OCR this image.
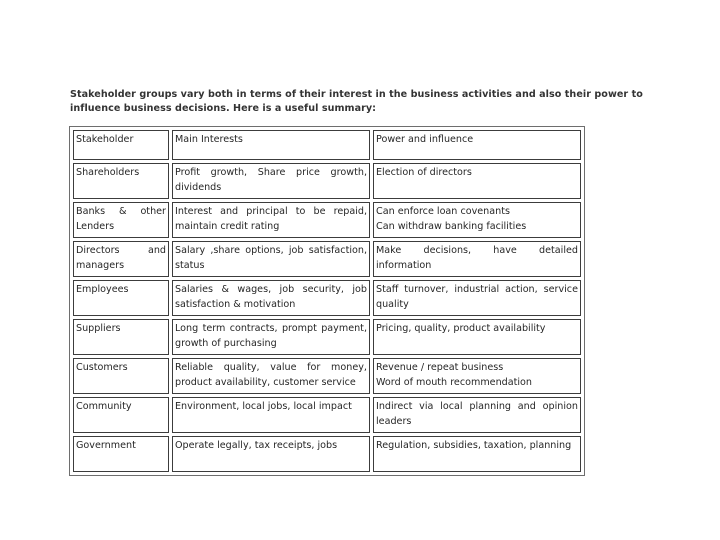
Stakeholder groups vary both in terms of their interest in the business activities and also their power to influence business decisions. Here is a useful summary:
Stakeholder	Main Interests	Power and influence
Shareholders	Profit growth, Share price growth, dividends	Election of directors
Banks & other Lenders	Interest and principal to be repaid, maintain credit rating	Can enforce loan covenants
Can withdraw banking facilities
Directors and managers	Salary ,share options, job satisfaction, status	Make decisions, have detailed information
Employees	Salaries & wages, job security, job satisfaction & motivation	Staff turnover, industrial action, service quality
Suppliers	Long term contracts, prompt payment, growth of purchasing	Pricing, quality, product availability
Customers	Reliable quality, value for money, product availability, customer service	Revenue / repeat business
Word of mouth recommendation
Community	Environment, local jobs, local impact	Indirect via local planning and opinion leaders
Government	Operate legally, tax receipts, jobs	Regulation, subsidies, taxation, planning
